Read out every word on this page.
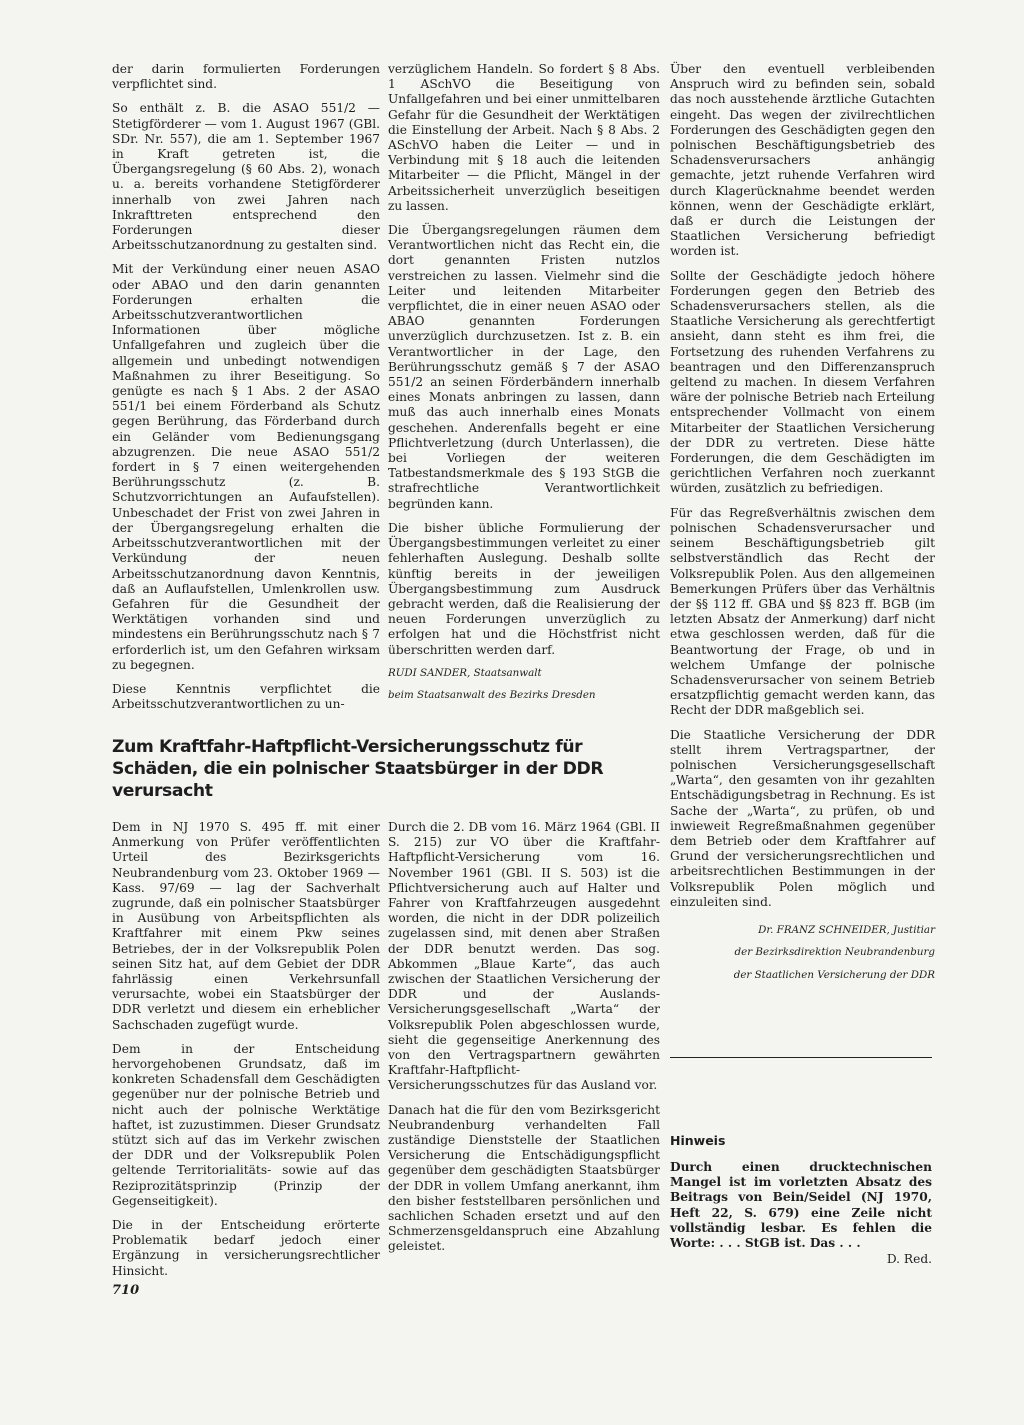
der darin formulierten Forderungen verpflichtet sind.

So enthält z. B. die ASAO 551/2 — Stetigförderer — vom 1. August 1967 (GBl. SDr. Nr. 557), die am 1. September 1967 in Kraft getreten ist, die Übergangsregelung (§ 60 Abs. 2), wonach u. a. bereits vorhandene Stetigförderer innerhalb von zwei Jahren nach Inkrafttreten entsprechend den Forderungen dieser Arbeitsschutzanordnung zu gestalten sind.

Mit der Verkündung einer neuen ASAO oder ABAO und den darin genannten Forderungen erhalten die Arbeitsschutzverantwortlichen Informationen über mögliche Unfallgefahren und zugleich über die allgemein und unbedingt notwendigen Maßnahmen zu ihrer Beseitigung. So genügte es nach § 1 Abs. 2 der ASAO 551/1 bei einem Förderband als Schutz gegen Berührung, das Förderband durch ein Geländer vom Bedienungsgang abzugrenzen. Die neue ASAO 551/2 fordert in § 7 einen weitergehenden Berührungsschutz (z. B. Schutzvorrichtungen an Aufaufstellen). Unbeschadet der Frist von zwei Jahren in der Übergangsregelung erhalten die Arbeitsschutzverantwortlichen mit der Verkündung der neuen Arbeitsschutzanordnung davon Kenntnis, daß an Auflaufstellen, Umlenkrollen usw. Gefahren für die Gesundheit der Werktätigen vorhanden sind und mindestens ein Berührungsschutz nach § 7 erforderlich ist, um den Gefahren wirksam zu begegnen.

Diese Kenntnis verpflichtet die Arbeitsschutzverantwortlichen zu un-

verzüglichem Handeln. So fordert § 8 Abs. 1 ASchVO die Beseitigung von Unfallgefahren und bei einer unmittelbaren Gefahr für die Gesundheit der Werktätigen die Einstellung der Arbeit. Nach § 8 Abs. 2 ASchVO haben die Leiter — und in Verbindung mit § 18 auch die leitenden Mitarbeiter — die Pflicht, Mängel in der Arbeitssicherheit unverzüglich beseitigen zu lassen.

Die Übergangsregelungen räumen dem Verantwortlichen nicht das Recht ein, die dort genannten Fristen nutzlos verstreichen zu lassen. Vielmehr sind die Leiter und leitenden Mitarbeiter verpflichtet, die in einer neuen ASAO oder ABAO genannten Forderungen unverzüglich durchzusetzen. Ist z. B. ein Verantwortlicher in der Lage, den Berührungsschutz gemäß § 7 der ASAO 551/2 an seinen Förderbändern innerhalb eines Monats anbringen zu lassen, dann muß das auch innerhalb eines Monats geschehen. Anderenfalls begeht er eine Pflichtverletzung (durch Unterlassen), die bei Vorliegen der weiteren Tatbestandsmerkmale des § 193 StGB die strafrechtliche Verantwortlichkeit begründen kann.

Die bisher übliche Formulierung der Übergangsbestimmungen verleitet zu einer fehlerhaften Auslegung. Deshalb sollte künftig bereits in der jeweiligen Übergangsbestimmung zum Ausdruck gebracht werden, daß die Realisierung der neuen Forderungen unverzüglich zu erfolgen hat und die Höchstfrist nicht überschritten werden darf.

RUDI SANDER, Staatsanwalt

beim Staatsanwalt des Bezirks Dresden

Über den eventuell verbleibenden Anspruch wird zu befinden sein, sobald das noch ausstehende ärztliche Gutachten eingeht. Das wegen der zivilrechtlichen Forderungen des Geschädigten gegen den polnischen Beschäftigungsbetrieb des Schadensverursachers anhängig gemachte, jetzt ruhende Verfahren wird durch Klagerücknahme beendet werden können, wenn der Geschädigte erklärt, daß er durch die Leistungen der Staatlichen Versicherung befriedigt worden ist.

Sollte der Geschädigte jedoch höhere Forderungen gegen den Betrieb des Schadensverursachers stellen, als die Staatliche Versicherung als gerechtfertigt ansieht, dann steht es ihm frei, die Fortsetzung des ruhenden Verfahrens zu beantragen und den Differenzanspruch geltend zu machen. In diesem Verfahren wäre der polnische Betrieb nach Erteilung entsprechender Vollmacht von einem Mitarbeiter der Staatlichen Versicherung der DDR zu vertreten. Diese hätte Forderungen, die dem Geschädigten im gerichtlichen Verfahren noch zuerkannt würden, zusätzlich zu befriedigen.

Für das Regreßverhältnis zwischen dem polnischen Schadensverursacher und seinem Beschäftigungsbetrieb gilt selbstverständlich das Recht der Volksrepublik Polen. Aus den allgemeinen Bemerkungen Prüfers über das Verhältnis der §§ 112 ff. GBA und §§ 823 ff. BGB (im letzten Absatz der Anmerkung) darf nicht etwa geschlossen werden, daß für die Beantwortung der Frage, ob und in welchem Umfange der polnische Schadensverursacher von seinem Betrieb ersatzpflichtig gemacht werden kann, das Recht der DDR maßgeblich sei.

Die Staatliche Versicherung der DDR stellt ihrem Vertragspartner, der polnischen Versicherungsgesellschaft „Warta“, den gesamten von ihr gezahlten Entschädigungsbetrag in Rechnung. Es ist Sache der „Warta“, zu prüfen, ob und inwieweit Regreßmaßnahmen gegenüber dem Betrieb oder dem Kraftfahrer auf Grund der versicherungsrechtlichen und arbeitsrechtlichen Bestimmungen in der Volksrepublik Polen möglich und einzuleiten sind.

Dr. FRANZ SCHNEIDER, Justitiar

der Bezirksdirektion Neubrandenburg

der Staatlichen Versicherung der DDR

Zum Kraftfahr-Haftpflicht-Versicherungsschutz für Schäden, die ein polnischer Staatsbürger in der DDR verursacht

Dem in NJ 1970 S. 495 ff. mit einer Anmerkung von Prüfer veröffentlichten Urteil des Bezirksgerichts Neubrandenburg vom 23. Oktober 1969 — Kass. 97/69 — lag der Sachverhalt zugrunde, daß ein polnischer Staatsbürger in Ausübung von Arbeitspflichten als Kraftfahrer mit einem Pkw seines Betriebes, der in der Volksrepublik Polen seinen Sitz hat, auf dem Gebiet der DDR fahrlässig einen Verkehrsunfall verursachte, wobei ein Staatsbürger der DDR verletzt und diesem ein erheblicher Sachschaden zugefügt wurde.

Dem in der Entscheidung hervorgehobenen Grundsatz, daß im konkreten Schadensfall dem Geschädigten gegenüber nur der polnische Betrieb und nicht auch der polnische Werktätige haftet, ist zuzustimmen. Dieser Grundsatz stützt sich auf das im Verkehr zwischen der DDR und der Volksrepublik Polen geltende Territorialitäts- sowie auf das Reziprozitätsprinzip (Prinzip der Gegenseitigkeit).

Die in der Entscheidung erörterte Problematik bedarf jedoch einer Ergänzung in versicherungsrechtlicher Hinsicht.

Durch die 2. DB vom 16. März 1964 (GBl. II S. 215) zur VO über die Kraftfahr-Haftpflicht-Versicherung vom 16. November 1961 (GBl. II S. 503) ist die Pflichtversicherung auch auf Halter und Fahrer von Kraftfahrzeugen ausgedehnt worden, die nicht in der DDR polizeilich zugelassen sind, mit denen aber Straßen der DDR benutzt werden. Das sog. Abkommen „Blaue Karte“, das auch zwischen der Staatlichen Versicherung der DDR und der Auslands-Versicherungsgesellschaft „Warta“ der Volksrepublik Polen abgeschlossen wurde, sieht die gegenseitige Anerkennung des von den Vertragspartnern gewährten Kraftfahr-Haftpflicht-Versicherungsschutzes für das Ausland vor.

Danach hat die für den vom Bezirksgericht Neubrandenburg verhandelten Fall zuständige Dienststelle der Staatlichen Versicherung die Entschädigungspflicht gegenüber dem geschädigten Staatsbürger der DDR in vollem Umfang anerkannt, ihm den bisher feststellbaren persönlichen und sachlichen Schaden ersetzt und auf den Schmerzensgeldanspruch eine Abzahlung geleistet.

Hinweis

Durch einen drucktechnischen Mangel ist im vorletzten Absatz des Beitrags von Bein/Seidel (NJ 1970, Heft 22, S. 679) eine Zeile nicht vollständig lesbar. Es fehlen die Worte: . . . StGB ist. Das . . .

D. Red.

710
